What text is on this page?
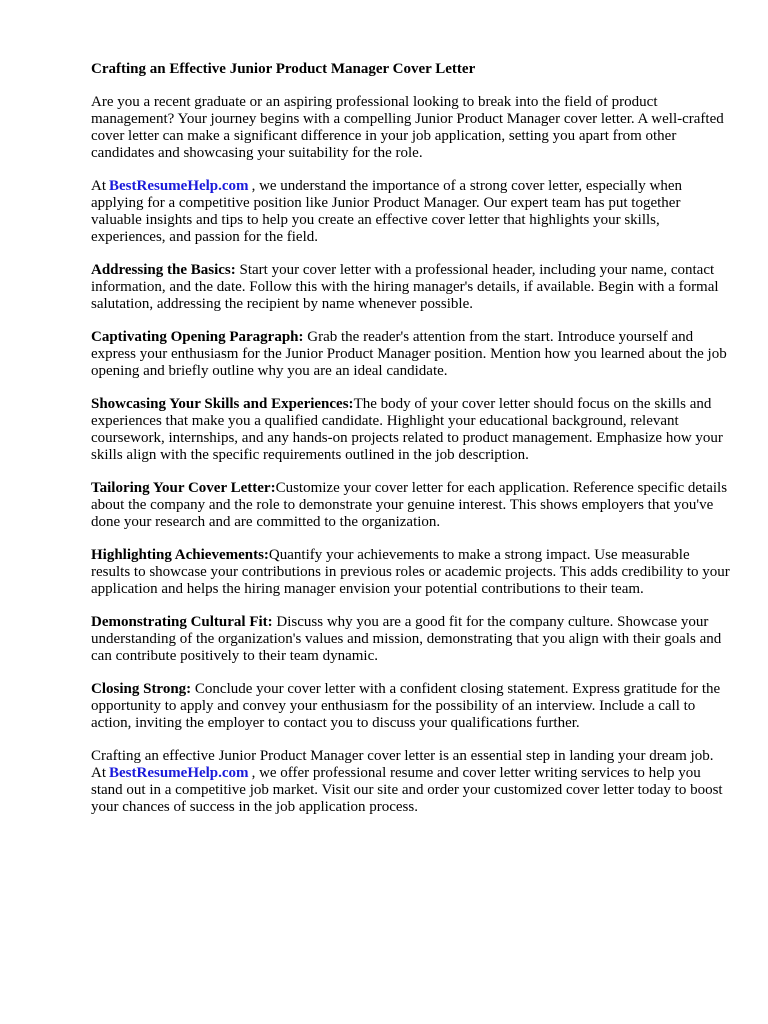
Crafting an Effective Junior Product Manager Cover Letter

Are you a recent graduate or an aspiring professional looking to break into the field of product management? Your journey begins with a compelling Junior Product Manager cover letter. A well-crafted cover letter can make a significant difference in your job application, setting you apart from other candidates and showcasing your suitability for the role.

At BestResumeHelp.com , we understand the importance of a strong cover letter, especially when applying for a competitive position like Junior Product Manager. Our expert team has put together valuable insights and tips to help you create an effective cover letter that highlights your skills, experiences, and passion for the field.

Addressing the Basics: Start your cover letter with a professional header, including your name, contact information, and the date. Follow this with the hiring manager's details, if available. Begin with a formal salutation, addressing the recipient by name whenever possible.

Captivating Opening Paragraph: Grab the reader's attention from the start. Introduce yourself and express your enthusiasm for the Junior Product Manager position. Mention how you learned about the job opening and briefly outline why you are an ideal candidate.

Showcasing Your Skills and Experiences:The body of your cover letter should focus on the skills and experiences that make you a qualified candidate. Highlight your educational background, relevant coursework, internships, and any hands-on projects related to product management. Emphasize how your skills align with the specific requirements outlined in the job description.

Tailoring Your Cover Letter:Customize your cover letter for each application. Reference specific details about the company and the role to demonstrate your genuine interest. This shows employers that you've done your research and are committed to the organization.

Highlighting Achievements:Quantify your achievements to make a strong impact. Use measurable results to showcase your contributions in previous roles or academic projects. This adds credibility to your application and helps the hiring manager envision your potential contributions to their team.

Demonstrating Cultural Fit: Discuss why you are a good fit for the company culture. Showcase your understanding of the organization's values and mission, demonstrating that you align with their goals and can contribute positively to their team dynamic.

Closing Strong: Conclude your cover letter with a confident closing statement. Express gratitude for the opportunity to apply and convey your enthusiasm for the possibility of an interview. Include a call to action, inviting the employer to contact you to discuss your qualifications further.

Crafting an effective Junior Product Manager cover letter is an essential step in landing your dream job. At BestResumeHelp.com , we offer professional resume and cover letter writing services to help you stand out in a competitive job market. Visit our site and order your customized cover letter today to boost your chances of success in the job application process.
